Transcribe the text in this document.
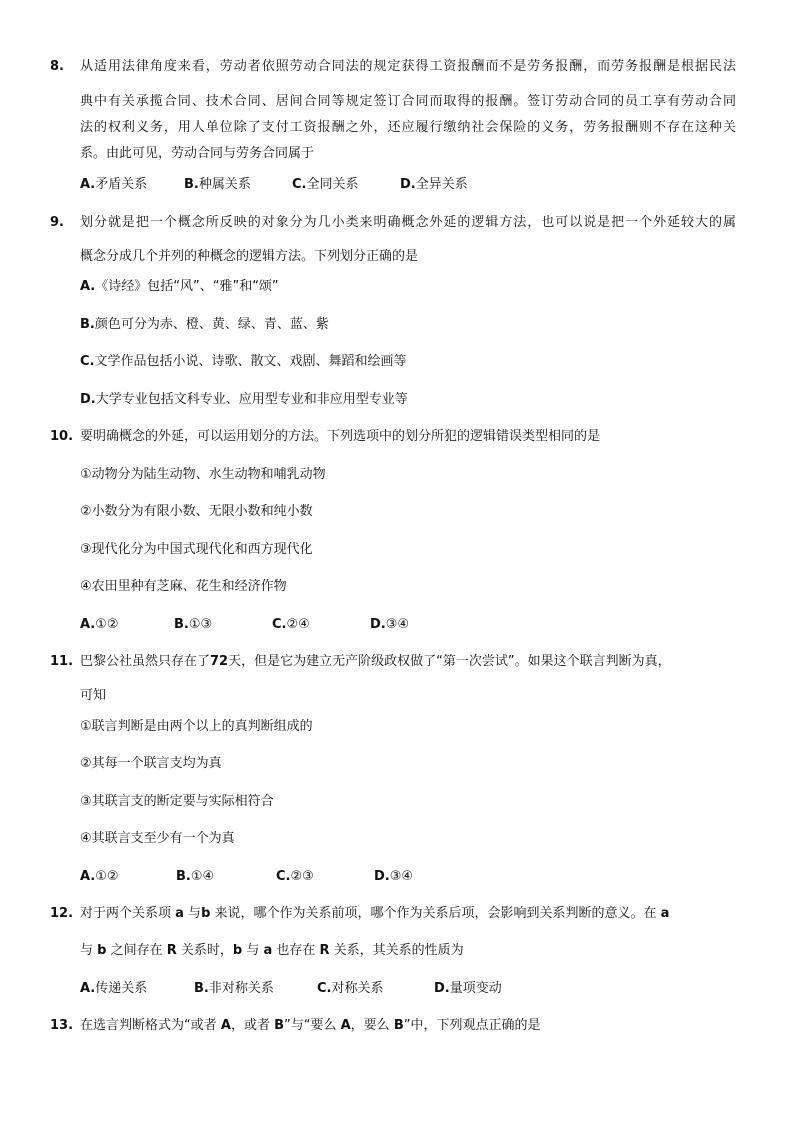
8. 从适用法律角度来看，劳动者依照劳动合同法的规定获得工资报酬而不是劳务报酬，而劳务报酬是根据民法
典中有关承揽合同、技术合同、居间合同等规定签订合同而取得的报酬。签订劳动合同的员工享有劳动合同
法的权利义务，用人单位除了支付工资报酬之外，还应履行缴纳社会保险的义务，劳务报酬则不存在这种关
系。由此可见，劳动合同与劳务合同属于
A.矛盾关系	B.种属关系	C.全同关系	D.全异关系
9. 划分就是把一个概念所反映的对象分为几小类来明确概念外延的逻辑方法，也可以说是把一个外延较大的属
概念分成几个并列的种概念的逻辑方法。下列划分正确的是
A.《诗经》包括“风”、“雅”和“颂”
B.颜色可分为赤、橙、黄、绿、青、蓝、紫
C.文学作品包括小说、诗歌、散文、戏剧、舞蹈和绘画等
D.大学专业包括文科专业、应用型专业和非应用型专业等
10. 要明确概念的外延，可以运用划分的方法。下列选项中的划分所犯的逻辑错误类型相同的是
①动物分为陆生动物、水生动物和哺乳动物
②小数分为有限小数、无限小数和纯小数
③现代化分为中国式现代化和西方现代化
④农田里种有芝麻、花生和经济作物
A.①②	B.①③	C.②④	D.③④
11. 巴黎公社虽然只存在了72天，但是它为建立无产阶级政权做了“第一次尝试”。如果这个联言判断为真，
可知
①联言判断是由两个以上的真判断组成的
②其每一个联言支均为真
③其联言支的断定要与实际相符合
④其联言支至少有一个为真
A.①②	B.①④	C.②③	D.③④
12. 对于两个关系项 a 与b 来说，哪个作为关系前项，哪个作为关系后项，会影响到关系判断的意义。在 a
与 b 之间存在 R 关系时，b 与 a 也存在 R 关系，其关系的性质为
A.传递关系	B.非对称关系	C.对称关系	D.量项变动
13. 在选言判断格式为“或者 A，或者 B”与“要么 A，要么 B”中，下列观点正确的是
